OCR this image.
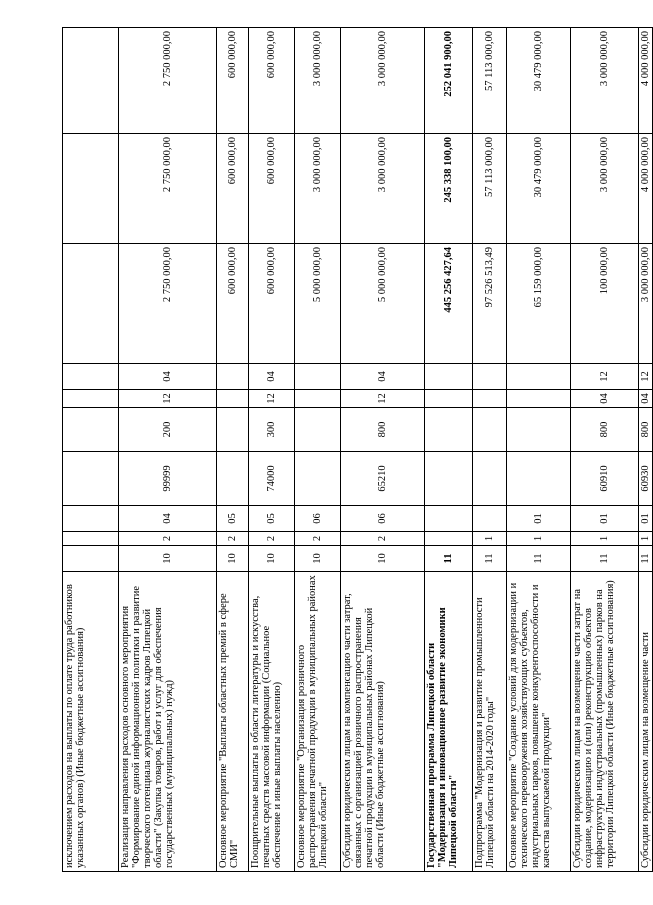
исключением расходов на выплаты по оплате труда работников указанных органов) (Иные бюджетные ассигнования)										
Реализация направления расходов основного мероприятия "Формирование единой информационной политики и развитие творческого потенциала журналистских кадров Липецкой области" (Закупка товаров, работ и услуг для обеспечения государственных (муниципальных) нужд)	10	2	04	99999	200	12	04	2 750 000,00	2 750 000,00	2 750 000,00
Основное мероприятие "Выплаты областных премий в сфере СМИ"	10	2	05					600 000,00	600 000,00	600 000,00
Поощрительные выплаты в области литературы и искусства, печатных средств массовой информации (Социальное обеспечение и иные выплаты населению)	10	2	05	74000	300	12	04	600 000,00	600 000,00	600 000,00
Основное мероприятие "Организация розничного распространения печатной продукции в муниципальных районах Липецкой области"	10	2	06					5 000 000,00	3 000 000,00	3 000 000,00
Субсидии юридическим лицам на компенсацию части затрат, связанных с организацией розничного распространения печатной продукции в муниципальных районах Липецкой области (Иные бюджетные ассигнования)	10	2	06	65210	800	12	04	5 000 000,00	3 000 000,00	3 000 000,00
Государственная программа Липецкой области "Модернизация и инновационное развитие экономики Липецкой области"	11							445 256 427,64	245 338 100,00	252 041 900,00
Подпрограмма "Модернизация и развитие промышленности Липецкой области на 2014-2020 годы"	11	1						97 526 513,49	57 113 000,00	57 113 000,00
Основное мероприятие "Создание условий для модернизации и технического перевооружения хозяйствующих субъектов, индустриальных парков, повышение конкурентоспособности и качества выпускаемой продукции"	11	1	01					65 159 000,00	30 479 000,00	30 479 000,00
Субсидии юридическим лицам на возмещение части затрат на создание, модернизацию и (или) реконструкцию объектов инфраструктуры индустриальных (промышленных) парков на территории Липецкой области (Иные бюджетные ассигнования)	11	1	01	60910	800	04	12	100 000,00	3 000 000,00	3 000 000,00
Субсидии юридическим лицам на возмещение части	11	1	01	60930	800	04	12	3 000 000,00	4 000 000,00	4 000 000,00
